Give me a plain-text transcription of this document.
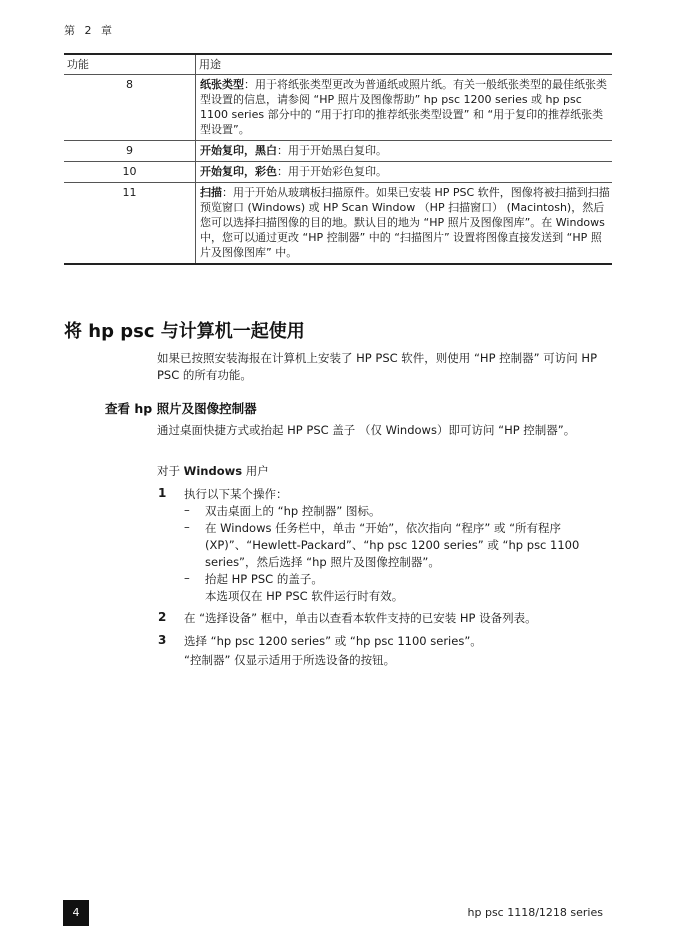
第 2 章
功能	用途
8	纸张类型：用于将纸张类型更改为普通纸或照片纸。有关一般纸张类型的最佳纸张类型设置的信息，请参阅 “HP 照片及图像帮助” hp psc 1200 series 或 hp psc 1100 series 部分中的 “用于打印的推荐纸张类型设置” 和 “用于复印的推荐纸张类型设置”。
9	开始复印，黑白：用于开始黑白复印。
10	开始复印，彩色：用于开始彩色复印。
11	扫描：用于开始从玻璃板扫描原件。如果已安装 HP PSC 软件，图像将被扫描到扫描预览窗口 (Windows) 或 HP Scan Window （HP 扫描窗口） (Macintosh)，然后您可以选择扫描图像的目的地。默认目的地为 “HP 照片及图像图库”。在 Windows 中，您可以通过更改 “HP 控制器” 中的 “扫描图片” 设置将图像直接发送到 “HP 照片及图像图库” 中。
将 hp psc 与计算机一起使用
如果已按照安装海报在计算机上安装了 HP PSC 软件，则使用 “HP 控制器” 可访问 HP PSC 的所有功能。
查看 hp 照片及图像控制器
通过桌面快捷方式或抬起 HP PSC 盖子 （仅 Windows）即可访问 “HP 控制器”。
对于 Windows 用户
1 执行以下某个操作：
– 双击桌面上的 “hp 控制器” 图标。
– 在 Windows 任务栏中，单击 “开始”，依次指向 “程序” 或 “所有程序 (XP)”、“Hewlett-Packard”、“hp psc 1200 series” 或 “hp psc 1100 series”，然后选择 “hp 照片及图像控制器”。
– 抬起 HP PSC 的盖子。
本选项仅在 HP PSC 软件运行时有效。
2 在 “选择设备” 框中，单击以查看本软件支持的已安装 HP 设备列表。
3 选择 “hp psc 1200 series” 或 “hp psc 1100 series”。
“控制器” 仅显示适用于所选设备的按钮。
4	hp psc 1118/1218 series
